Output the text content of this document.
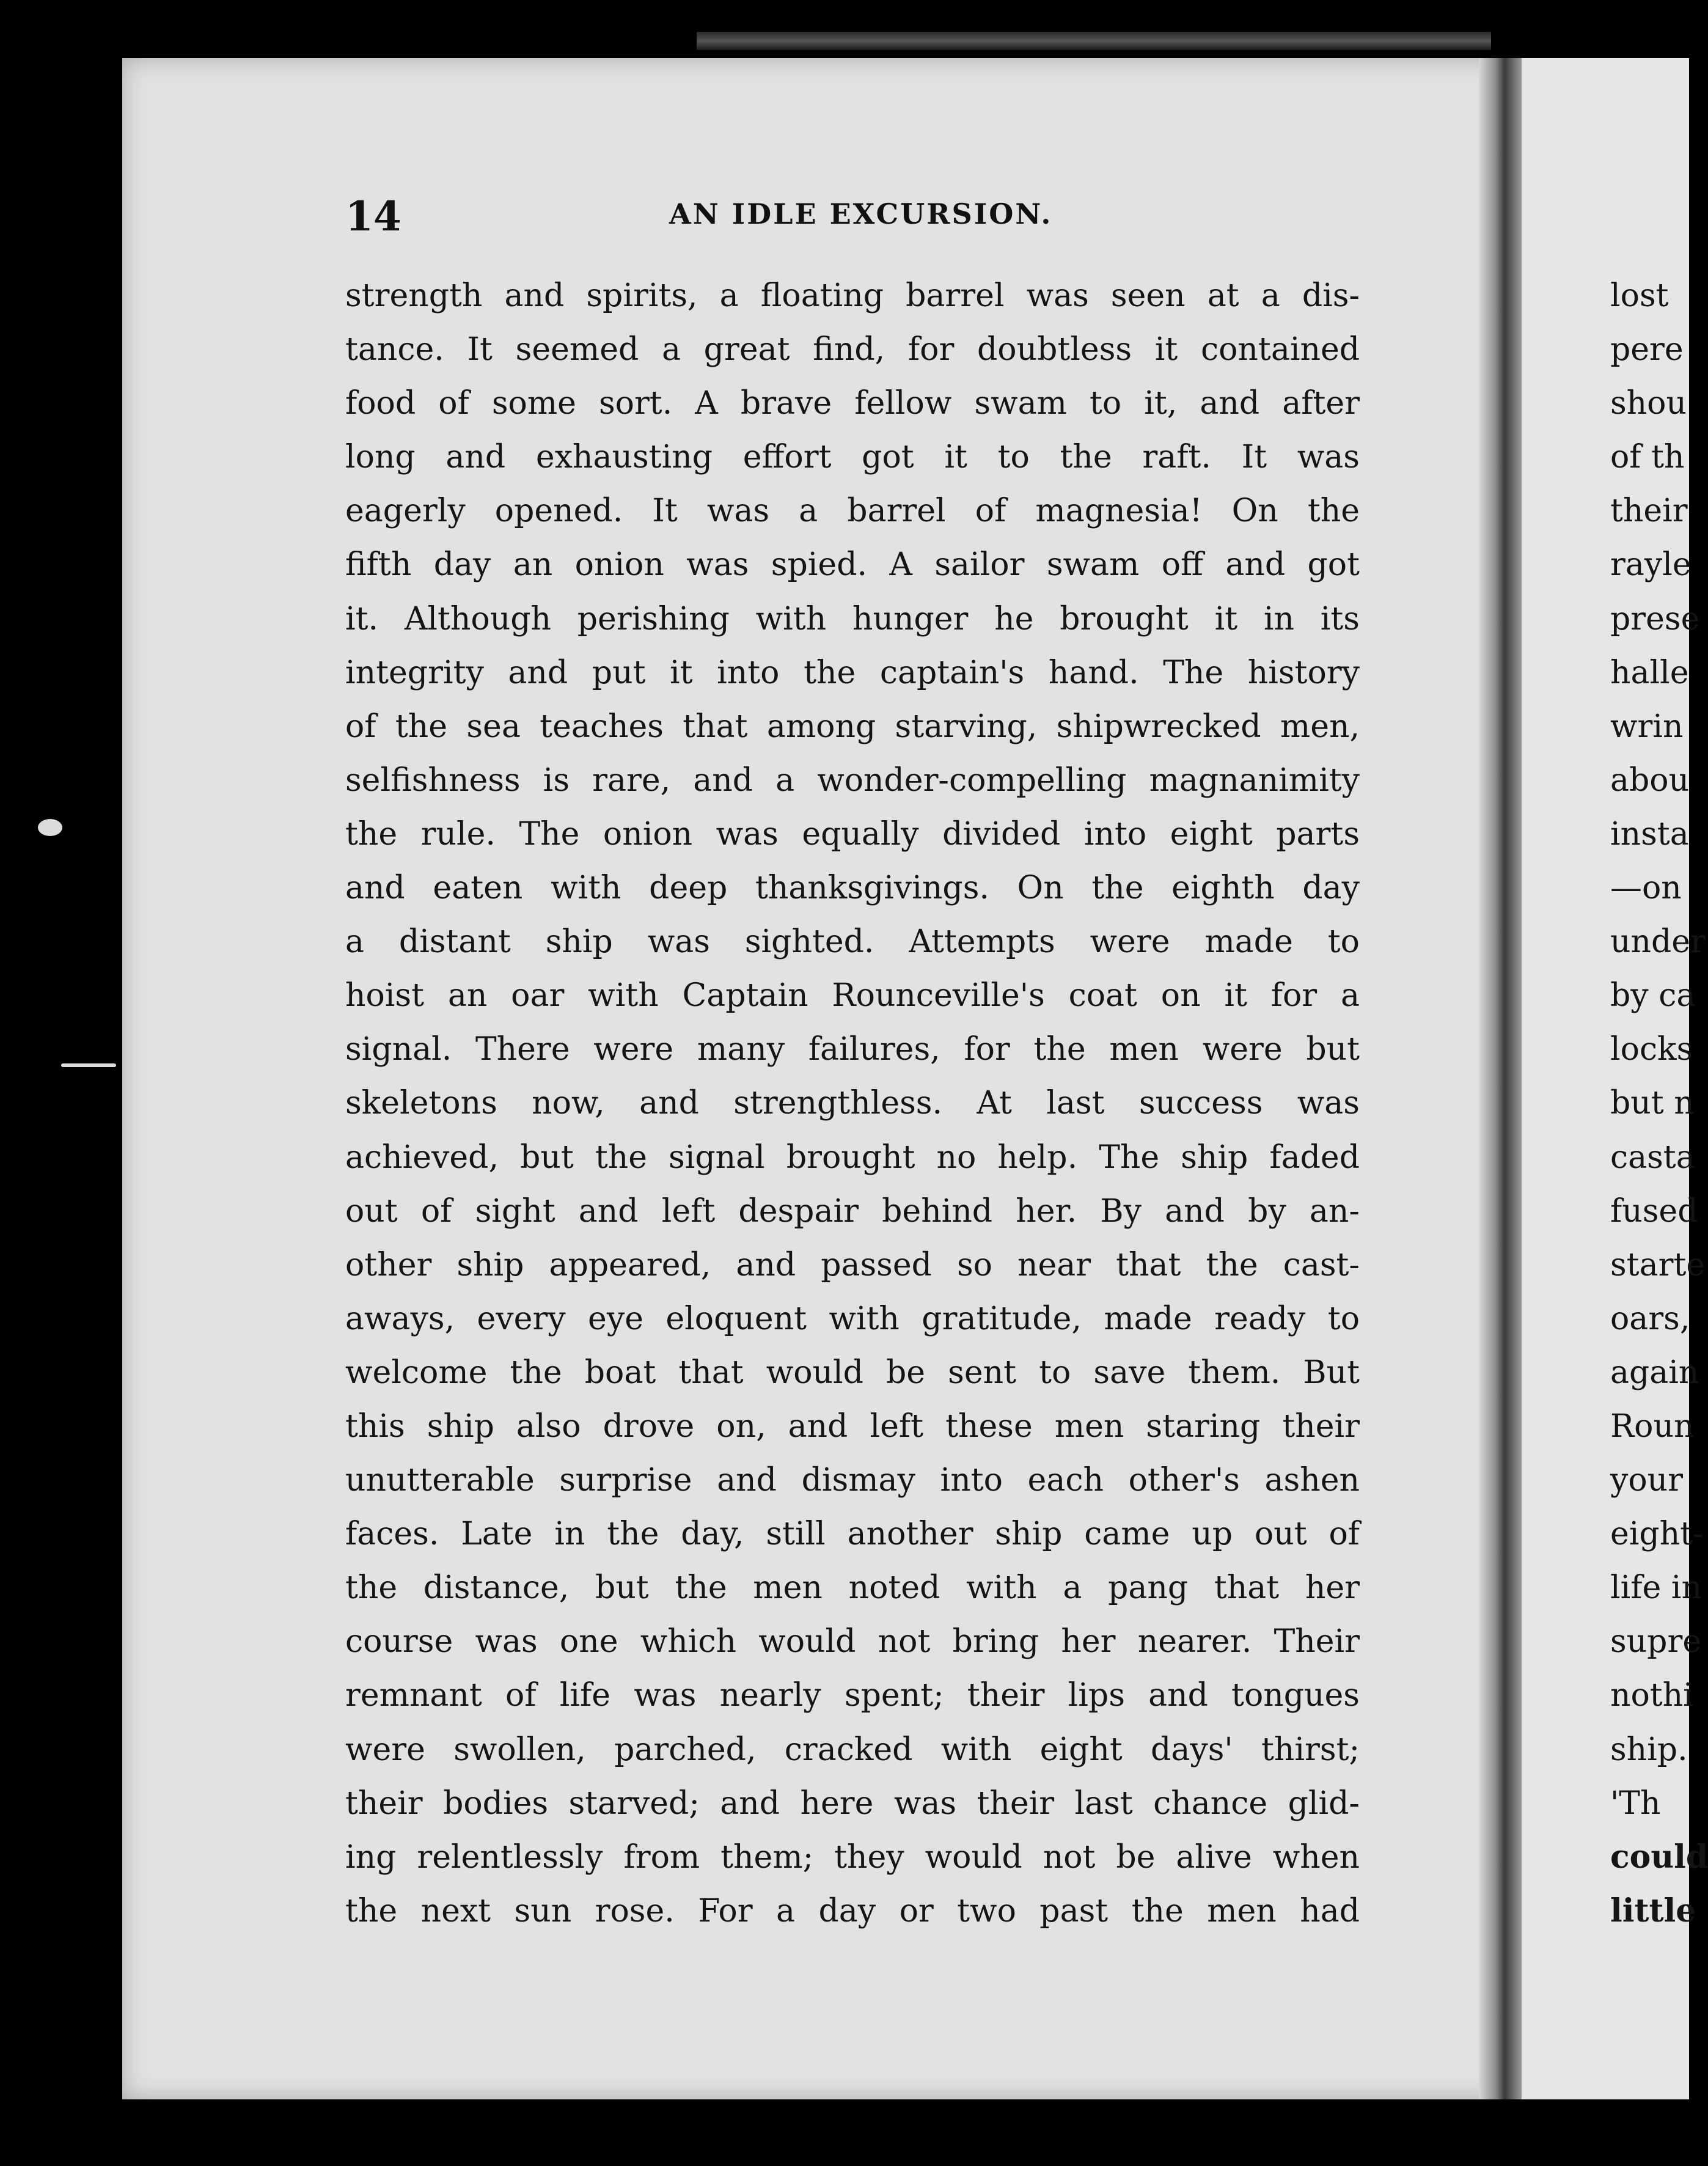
14	AN IDLE EXCURSION.
strength and spirits, a floating barrel was seen at a dis-
tance. It seemed a great find, for doubtless it contained
food of some sort. A brave fellow swam to it, and after
long and exhausting effort got it to the raft. It was
eagerly opened. It was a barrel of magnesia! On the
fifth day an onion was spied. A sailor swam off and got
it. Although perishing with hunger he brought it in its
integrity and put it into the captain's hand. The history
of the sea teaches that among starving, shipwrecked men,
selfishness is rare, and a wonder-compelling magnanimity
the rule. The onion was equally divided into eight parts
and eaten with deep thanksgivings. On the eighth day
a distant ship was sighted. Attempts were made to
hoist an oar with Captain Rounceville's coat on it for a
signal. There were many failures, for the men were but
skeletons now, and strengthless. At last success was
achieved, but the signal brought no help. The ship faded
out of sight and left despair behind her. By and by an-
other ship appeared, and passed so near that the cast-
aways, every eye eloquent with gratitude, made ready to
welcome the boat that would be sent to save them. But
this ship also drove on, and left these men staring their
unutterable surprise and dismay into each other's ashen
faces. Late in the day, still another ship came up out of
the distance, but the men noted with a pang that her
course was one which would not bring her nearer. Their
remnant of life was nearly spent; their lips and tongues
were swollen, parched, cracked with eight days' thirst;
their bodies starved; and here was their last chance glid-
ing relentlessly from them; they would not be alive when
the next sun rose. For a day or two past the men had
lost
pere
shou
of th
their
rayle
prese
halle
wrin
abou
insta
—on
under
by ca
locks
but n
casta
fused
starte
oars,
again
Roun
your
eight-
life in
supre
nothi
ship.
'Th
could
little
